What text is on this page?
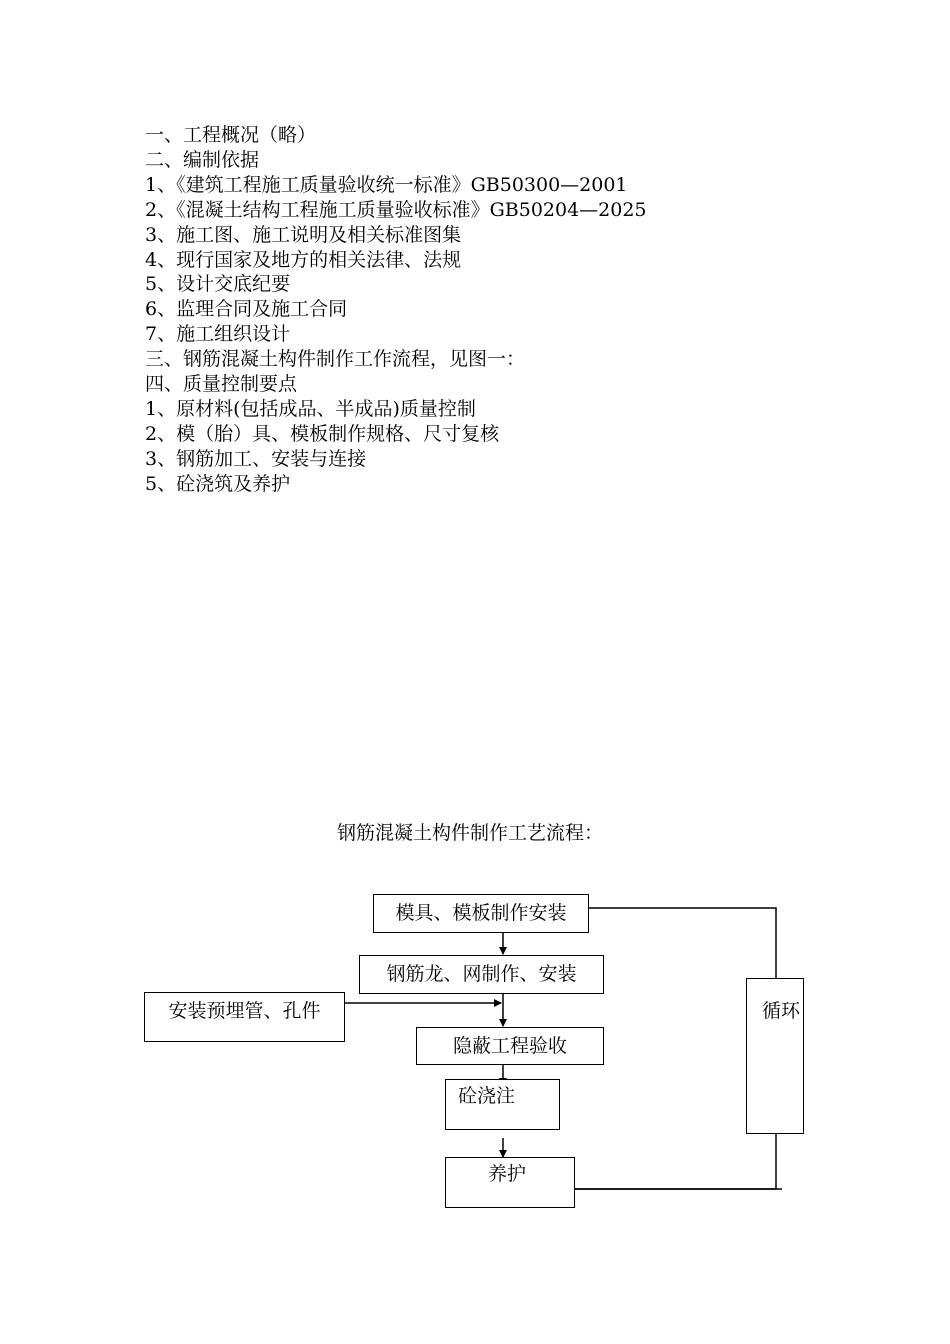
一、工程概况（略）
二、编制依据
1、《建筑工程施工质量验收统一标准》GB50300—2001
2、《混凝土结构工程施工质量验收标准》GB50204—2025
3、施工图、施工说明及相关标准图集
4、现行国家及地方的相关法律、法规
5、设计交底纪要
6、监理合同及施工合同
7、施工组织设计
三、钢筋混凝土构件制作工作流程，见图一：
四、质量控制要点
1、原材料(包括成品、半成品)质量控制
2、模（胎）具、模板制作规格、尺寸复核
3、钢筋加工、安装与连接
5、砼浇筑及养护
钢筋混凝土构件制作工艺流程：
模具、模板制作安装
钢筋龙、网制作、安装
安装预埋管、孔件
隐蔽工程验收
砼浇注
养护
循环
